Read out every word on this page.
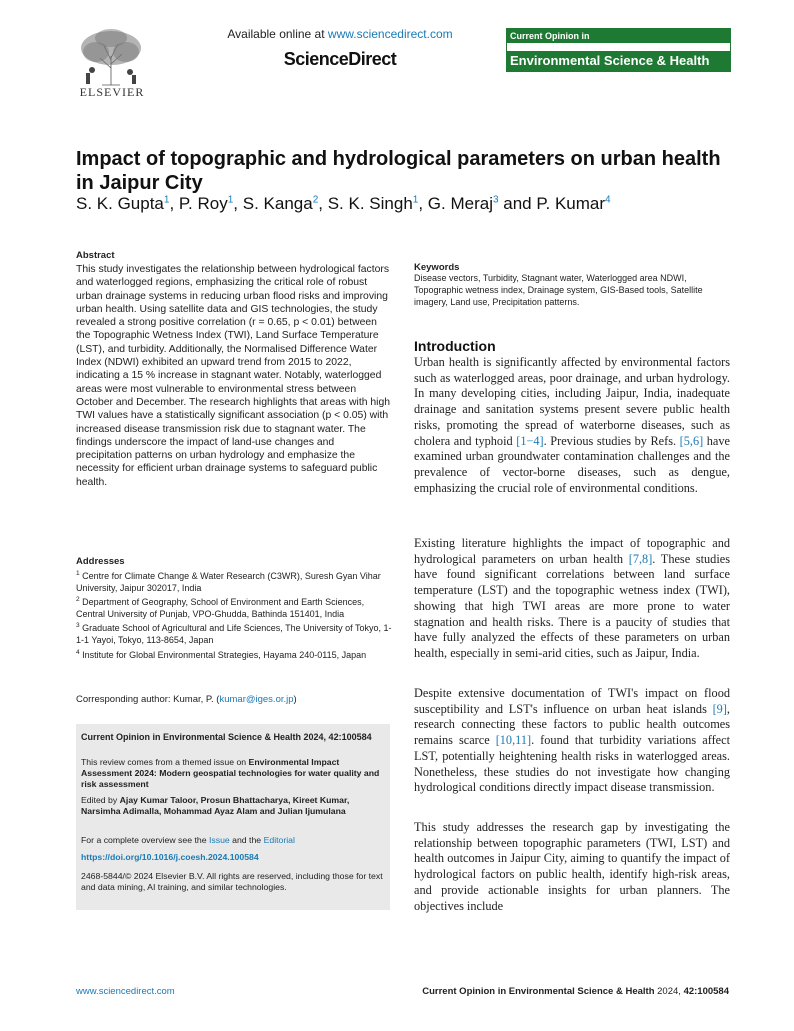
ELSEVIER
Available online at www.sciencedirect.com
ScienceDirect
Current Opinion in
Environmental Science & Health
Impact of topographic and hydrological parameters on urban health in Jaipur City
S. K. Gupta$^1$, P. Roy$^1$, S. Kanga$^2$, S. K. Singh$^1$, G. Meraj$^3$ and P. Kumar$^4$
Abstract
This study investigates the relationship between hydrological factors and waterlogged regions, emphasizing the critical role of robust urban drainage systems in reducing urban flood risks and improving urban health. Using satellite data and GIS technologies, the study revealed a strong positive correlation (r = 0.65, p < 0.01) between the Topographic Wetness Index (TWI), Land Surface Temperature (LST), and turbidity. Additionally, the Normalised Difference Water Index (NDWI) exhibited an upward trend from 2015 to 2022, indicating a 15 % increase in stagnant water. Notably, waterlogged areas were most vulnerable to environmental stress between October and December. The research highlights that areas with high TWI values have a statistically significant association (p < 0.05) with increased disease transmission risk due to stagnant water. The findings underscore the impact of land-use changes and precipitation patterns on urban hydrology and emphasize the necessity for efficient urban drainage systems to safeguard public health.
Addresses
$^1$ Centre for Climate Change & Water Research (C3WR), Suresh Gyan Vihar University, Jaipur 302017, India
$^2$ Department of Geography, School of Environment and Earth Sciences, Central University of Punjab, VPO-Ghudda, Bathinda 151401, India
$^3$ Graduate School of Agricultural and Life Sciences, The University of Tokyo, 1-1-1 Yayoi, Tokyo, 113-8654, Japan
$^4$ Institute for Global Environmental Strategies, Hayama 240-0115, Japan
Corresponding author: Kumar, P. (kumar@iges.or.jp)
Current Opinion in Environmental Science & Health 2024, 42:100584
This review comes from a themed issue on Environmental Impact Assessment 2024: Modern geospatial technologies for water quality and risk assessment
Edited by Ajay Kumar Taloor, Prosun Bhattacharya, Kireet Kumar, Narsimha Adimalla, Mohammad Ayaz Alam and Julian Ijumulana
For a complete overview see the Issue and the Editorial
https://doi.org/10.1016/j.coesh.2024.100584
2468-5844/© 2024 Elsevier B.V. All rights are reserved, including those for text and data mining, AI training, and similar technologies.
Keywords
Disease vectors, Turbidity, Stagnant water, Waterlogged area NDWI, Topographic wetness index, Drainage system, GIS-Based tools, Satellite imagery, Land use, Precipitation patterns.
Introduction
Urban health is significantly affected by environmental factors such as waterlogged areas, poor drainage, and urban hydrology. In many developing cities, including Jaipur, India, inadequate drainage and sanitation systems present severe public health risks, promoting the spread of waterborne diseases, such as cholera and typhoid [1−4]. Previous studies by Refs. [5,6] have examined urban groundwater contamination challenges and the prevalence of vector-borne diseases, such as dengue, emphasizing the crucial role of environmental conditions.
Existing literature highlights the impact of topographic and hydrological parameters on urban health [7,8]. These studies have found significant correlations between land surface temperature (LST) and the topographic wetness index (TWI), showing that high TWI areas are more prone to water stagnation and health risks. There is a paucity of studies that have fully analyzed the effects of these parameters on urban health, especially in semi-arid cities, such as Jaipur, India.
Despite extensive documentation of TWI's impact on flood susceptibility and LST's influence on urban heat islands [9], research connecting these factors to public health outcomes remains scarce [10,11]. found that turbidity variations affect LST, potentially heightening health risks in waterlogged areas. Nonetheless, these studies do not investigate how changing hydrological conditions directly impact disease transmission.
This study addresses the research gap by investigating the relationship between topographic parameters (TWI, LST) and health outcomes in Jaipur City, aiming to quantify the impact of hydrological factors on public health, identify high-risk areas, and provide actionable insights for urban planners. The objectives include
www.sciencedirect.com	Current Opinion in Environmental Science & Health 2024, 42:100584
